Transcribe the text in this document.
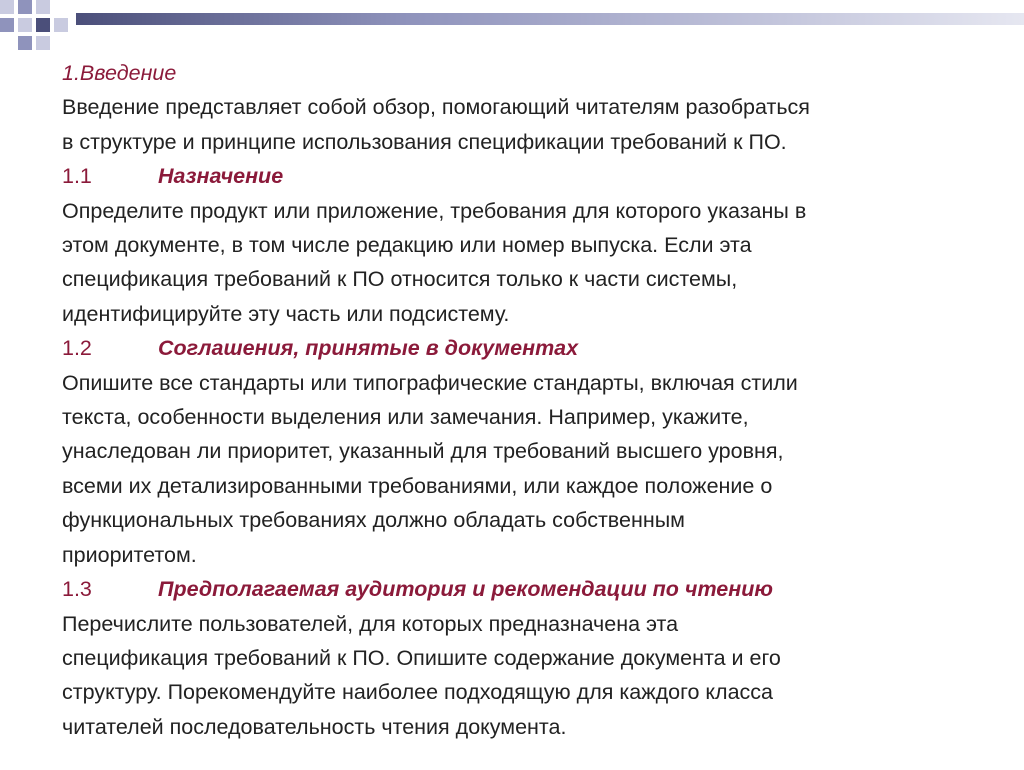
1.Введение
Введение представляет собой обзор, помогающий читателям разобраться
в структуре и принципе использования спецификации требований к ПО.
1.1	Назначение
Определите продукт или приложение, требования для которого указаны в
этом документе, в том числе редакцию или номер выпуска. Если эта
спецификация требований к ПО относится только к части системы,
идентифицируйте эту часть или подсистему.
1.2	Соглашения, принятые в документах
Опишите все стандарты или типографические стандарты, включая стили
текста, особенности выделения или замечания. Например, укажите,
унаследован ли приоритет, указанный для требований высшего уровня,
всеми их детализированными требованиями, или каждое положение о
функциональных требованиях должно обладать собственным
приоритетом.
1.3	Предполагаемая аудитория и рекомендации по чтению
Перечислите пользователей, для которых предназначена эта
спецификация требований к ПО. Опишите содержание документа и его
структуру. Порекомендуйте наиболее подходящую для каждого класса
читателей последовательность чтения документа.
